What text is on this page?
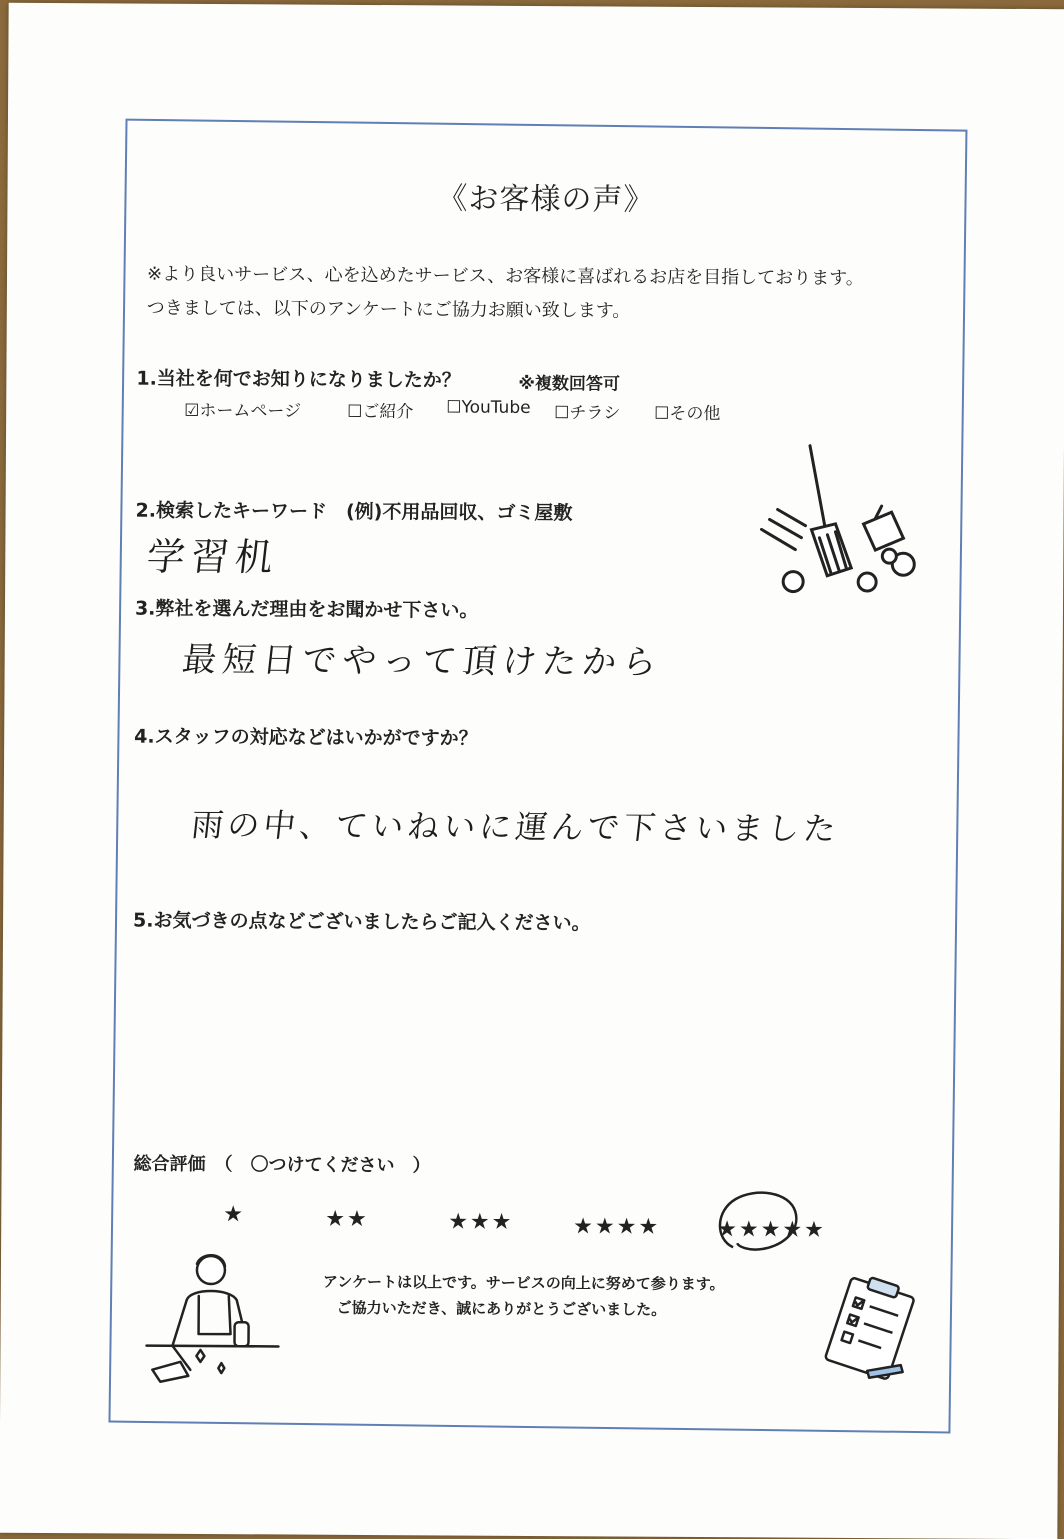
《お客様の声》
※より良いサービス、心を込めたサービス、お客様に喜ばれるお店を目指しております。
つきましては、以下のアンケートにご協力お願い致します。
1.当社を何でお知りになりましたか？	※複数回答可
☑ホームページ	☐ご紹介 ☐YouTube ☐チラシ ☐その他
2.検索したキーワード　(例)不用品回収、ゴミ屋敷
学習机
3.弊社を選んだ理由をお聞かせ下さい。
最短日でやって頂けたから
4.スタッフの対応などはいかがですか？
雨の中、ていねいに運んで下さいました
5.お気づきの点などございましたらご記入ください。
総合評価　（　〇つけてください　）
★	★★	★★★	★★★★	★★★★★
アンケートは以上です。サービスの向上に努めて参ります。
ご協力いただき、誠にありがとうございました。
